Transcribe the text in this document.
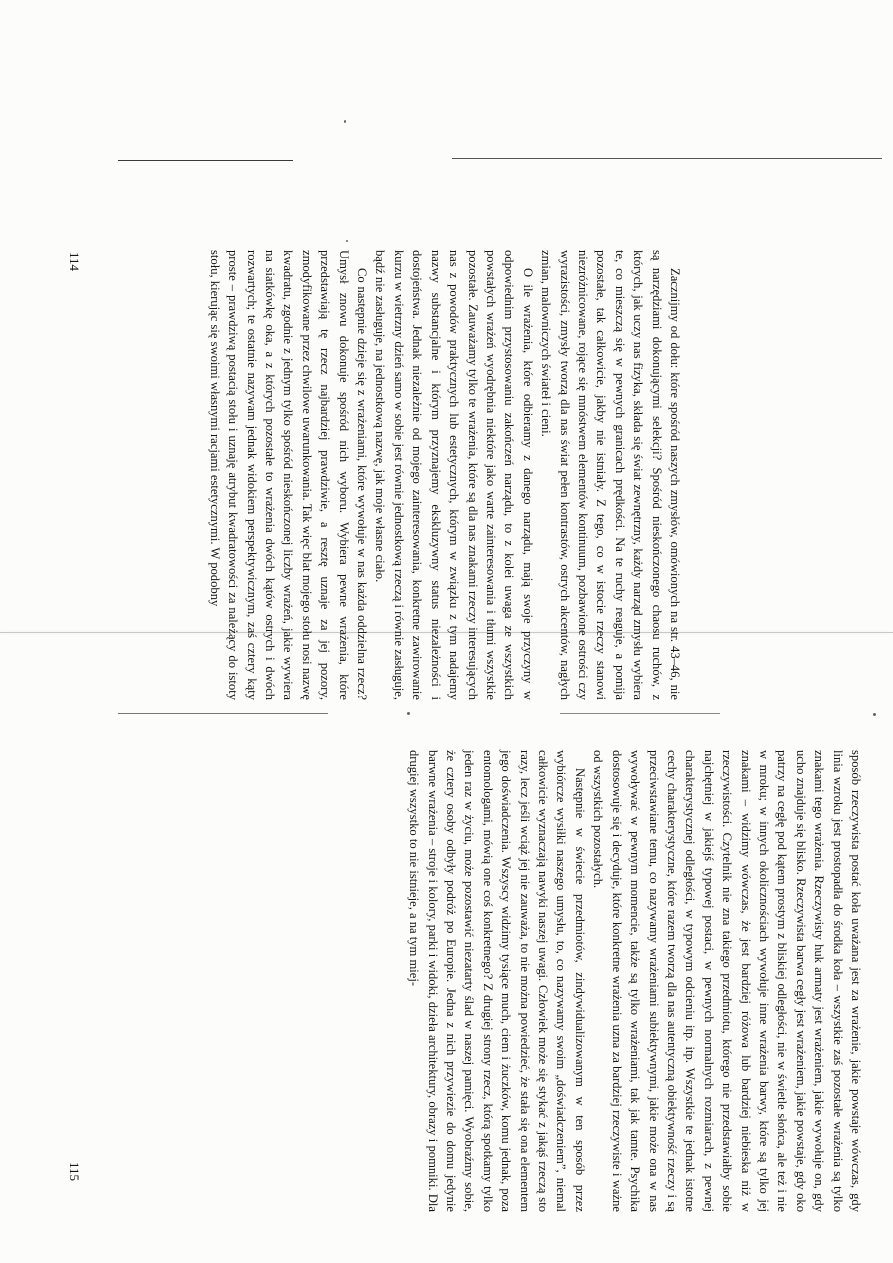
Zacznijmy od dołu: które spośród naszych zmysłów, omówionych na str. 43–46, nie są narzędziami dokonującymi selekcji? Spośród nieskończonego chaosu ruchów, z których, jak uczy nas fizyka, składa się świat zewnętrzny, każdy narząd zmysłu wybiera te, co mieszczą się w pewnych granicach prędkości. Na te ruchy reaguje, a pomija pozostałe, tak całkowicie, jakby nie istniały. Z tego, co w istocie rzeczy stanowi niezróżnicowane, rojące się mnóstwem elementów kontinuum, pozbawione ostrości czy wyrazistości, zmysły tworzą dla nas świat pełen kontrastów, ostrych akcentów, nagłych zmian, malowniczych świateł i cieni.

O ile wrażenia, które odbieramy z danego narządu, mają swoje przyczyny w odpowiednim przystosowaniu zakończeń narządu, to z kolei uwaga ze wszystkich powstałych wrażeń wyodrębnia niektóre jako warte zainteresowania i tłumi wszystkie pozostałe. Zauważamy tylko te wrażenia, które są dla nas znakami rzeczy interesujących nas z powodów praktycznych lub estetycznych, którym w związku z tym nadajemy nazwy substancjalne i którym przyznajemy ekskluzywny status niezależności i dostojeństwa. Jednak niezależnie od mojego zainteresowania, konkretne zawirowanie kurzu w wietrzny dzień samo w sobie jest równie jednostkową rzeczą i równie zasługuje, bądź nie zasługuje, na jednostkową nazwę, jak moje własne ciało.

Co następnie dzieje się z wrażeniami, które wywołuje w nas każda oddzielna rzecz? Umysł znowu dokonuje spośród nich wyboru. Wybiera pewne wrażenia, które przedstawiają tę rzecz najbardziej prawdziwie, a resztę uznaje za jej pozory, zmodyfikowane przez chwilowe uwarunkowania. Tak więc blat mojego stołu nosi nazwę kwadratu, zgodnie z jednym tylko spośród nieskończonej liczby wrażeń, jakie wywiera na siatkówkę oka, a z których pozostałe to wrażenia dwóch kątów ostrych i dwóch rozwartych; te ostatnie nazywam jednak widokiem perspektywicznym, zaś cztery kąty proste – prawdziwą postacią stołu i uznaję atrybut kwadratowości za należący do istoty stołu, kierując się swoimi własnymi racjami estetycznymi. W podobny

114

sposób rzeczywista postać koła uważana jest za wrażenie, jakie powstaje wówczas, gdy linia wzroku jest prostopadła do środka koła – wszystkie zaś pozostałe wrażenia są tylko znakami tego wrażenia. Rzeczywisty huk armaty jest wrażeniem, jakie wywołuje on, gdy ucho znajduje się blisko. Rzeczywista barwa cegły jest wrażeniem, jakie powstaje, gdy oko patrzy na cegłę pod kątem prostym z bliskiej odległości, nie w świetle słońca, ale też i nie w mroku; w innych okolicznościach wywołuje inne wrażenia barwy, które są tylko jej znakami – widzimy wówczas, że jest bardziej różowa lub bardziej niebieska niż w rzeczywistości. Czytelnik nie zna takiego przedmiotu, którego nie przedstawiałby sobie najchętniej w jakiejś typowej postaci, w pewnych normalnych rozmiarach, z pewnej charakterystycznej odległości, w typowym odcieniu itp. itp. Wszystkie te jednak istotne cechy charakterystyczne, które razem tworzą dla nas autentyczną obiektywność rzeczy i są przeciwstawiane temu, co nazywamy wrażeniami subiektywnymi, jakie może ona w nas wywoływać w pewnym momencie, także są tylko wrażeniami, tak jak tamte. Psychika dostosowuje się i decyduje, które konkretne wrażenia uzna za bardziej rzeczywiste i ważne od wszystkich pozostałych.

Następnie w świecie przedmiotów, zindywidualizowanym w ten sposób przez wybiórcze wysiłki naszego umysłu, to, co nazywamy swoim „doświadczeniem”, niemal całkowicie wyznaczają nawyki naszej uwagi. Człowiek może się stykać z jakąś rzeczą sto razy, lecz jeśli wciąż jej nie zauważa, to nie można powiedzieć, że stała się ona elementem jego doświadczenia. Wszyscy widzimy tysiące much, ciem i żuczków, komu jednak, poza entomologami, mówią one coś konkretnego? Z drugiej strony rzecz, którą spotkamy tylko jeden raz w życiu, może pozostawić niezatarty ślad w naszej pamięci. Wyobraźmy sobie, że cztery osoby odbyły podróż po Europie. Jedna z nich przywiezie do domu jedynie barwne wrażenia – stroje i kolory, parki i widoki, dzieła architektury, obrazy i pomniki. Dla drugiej wszystko to nie istnieje, a na tym miej-

115
